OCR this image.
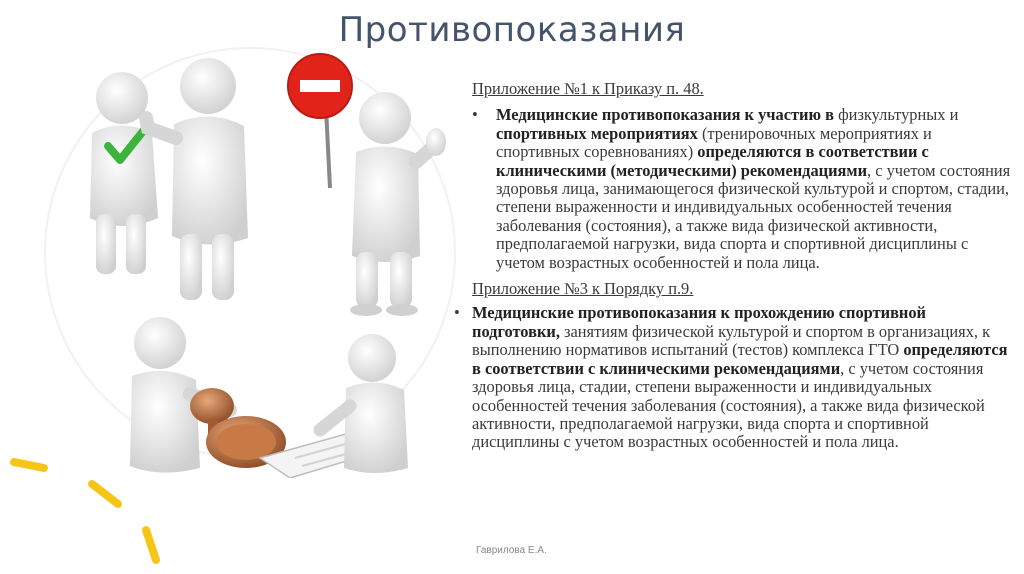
Противопоказания
Приложение №1 к Приказу п. 48.
• Медицинские противопоказания к участию в физкультурных и спортивных мероприятиях (тренировочных мероприятиях и спортивных соревнованиях) определяются в соответствии с клиническими (методическими) рекомендациями, с учетом состояния здоровья лица, занимающегося физической культурой и спортом, стадии, степени выраженности и индивидуальных особенностей течения заболевания (состояния), а также вида физической активности, предполагаемой нагрузки, вида спорта и спортивной дисциплины с учетом возрастных особенностей и пола лица.
Приложение №3 к Порядку п.9.
• Медицинские противопоказания к прохождению спортивной подготовки, занятиям физической культурой и спортом в организациях, к выполнению нормативов испытаний (тестов) комплекса ГТО определяются в соответствии с клиническими рекомендациями, с учетом состояния здоровья лица, стадии, степени выраженности и индивидуальных особенностей течения заболевания (состояния), а также вида физической активности, предполагаемой нагрузки, вида спорта и спортивной дисциплины с учетом возрастных особенностей и пола лица.
Гаврилова Е.А.
